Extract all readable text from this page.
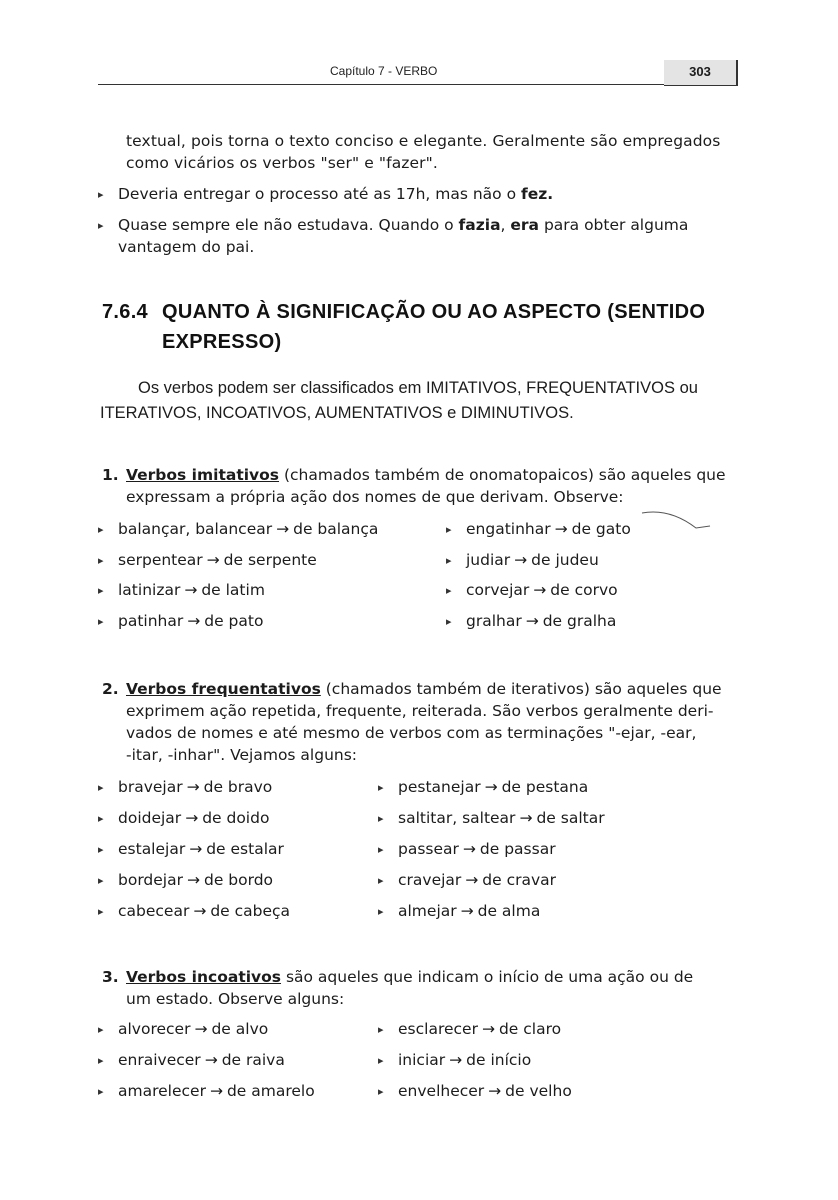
Capítulo 7 - VERBO	303
textual, pois torna o texto conciso e elegante. Geralmente são empregados
como vicários os verbos "ser" e "fazer".
▸ Deveria entregar o processo até as 17h, mas não o fez.
▸ Quase sempre ele não estudava. Quando o fazia, era para obter alguma
vantagem do pai.
7.6.4 QUANTO À SIGNIFICAÇÃO OU AO ASPECTO (SENTIDO
EXPRESSO)
Os verbos podem ser classificados em IMITATIVOS, FREQUENTATIVOS ou
ITERATIVOS, INCOATIVOS, AUMENTATIVOS e DIMINUTIVOS.
1. Verbos imitativos (chamados também de onomatopaicos) são aqueles que
expressam a própria ação dos nomes de que derivam. Observe:
▸ balançar, balancear → de balança
▸ serpentear → de serpente
▸ latinizar → de latim
▸ patinhar → de pato
▸ engatinhar → de gato
▸ judiar → de judeu
▸ corvejar → de corvo
▸ gralhar → de gralha
2. Verbos frequentativos (chamados também de iterativos) são aqueles que
exprimem ação repetida, frequente, reiterada. São verbos geralmente deri-
vados de nomes e até mesmo de verbos com as terminações "-ejar, -ear,
-itar, -inhar". Vejamos alguns:
▸ bravejar → de bravo
▸ doidejar → de doido
▸ estalejar → de estalar
▸ bordejar → de bordo
▸ cabecear → de cabeça
▸ pestanejar → de pestana
▸ saltitar, saltear → de saltar
▸ passear → de passar
▸ cravejar → de cravar
▸ almejar → de alma
3. Verbos incoativos são aqueles que indicam o início de uma ação ou de
um estado. Observe alguns:
▸ alvorecer → de alvo
▸ enraivecer → de raiva
▸ amarelecer → de amarelo
▸ esclarecer → de claro
▸ iniciar → de início
▸ envelhecer → de velho
